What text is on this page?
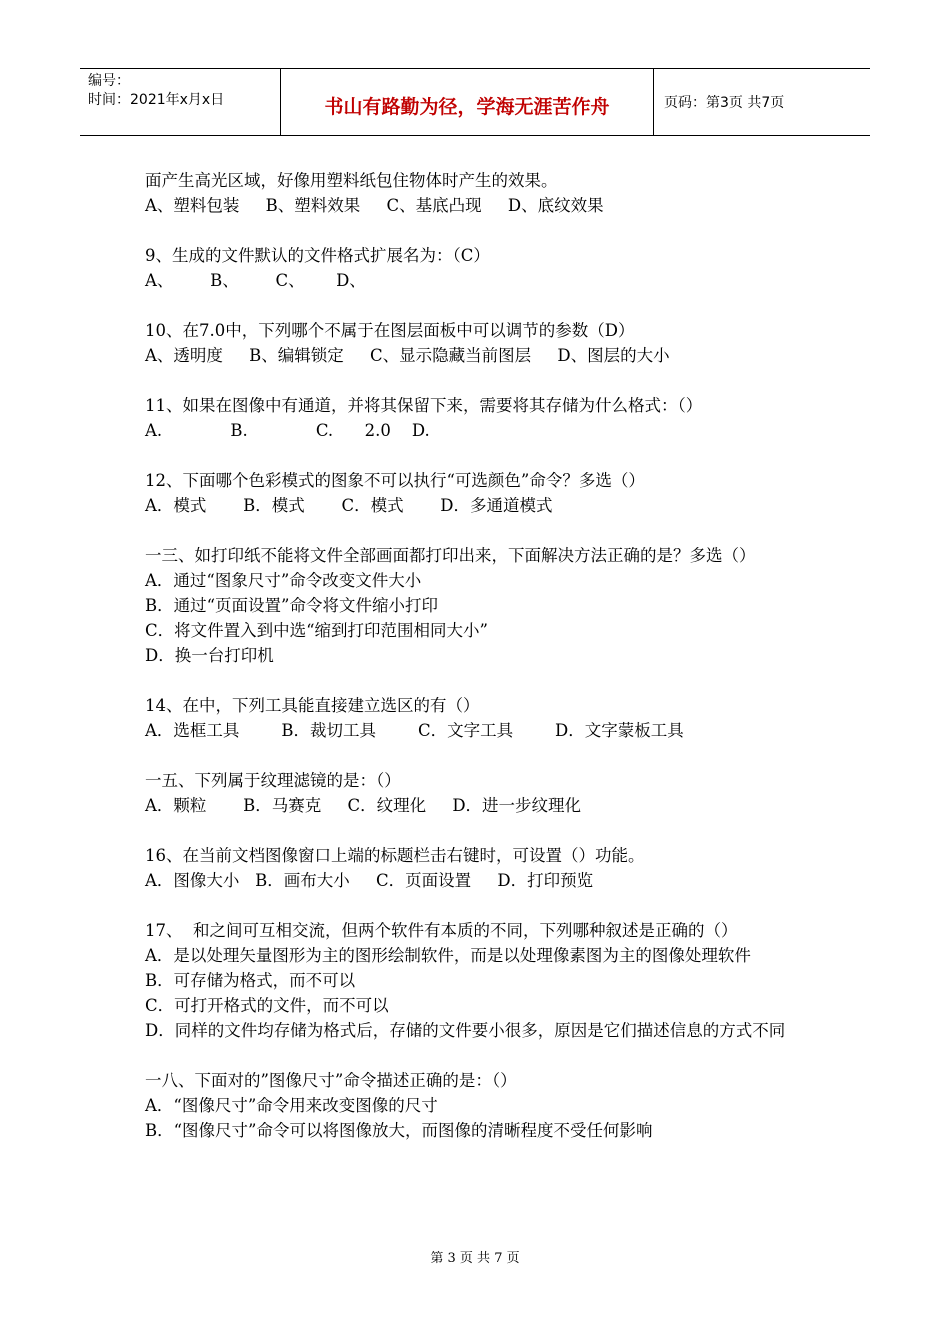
编号：
时间：2021年x月x日	书山有路勤为径，学海无涯苦作舟	页码：第3页 共7页

面产生高光区域，好像用塑料纸包住物体时产生的效果。

A、塑料包装     B、塑料效果     C、基底凸现     D、底纹效果

9、生成的文件默认的文件格式扩展名为：（C）

A、       B、       C、      D、

10、在7.0中，下列哪个不属于在图层面板中可以调节的参数（D）

A、透明度     B、编辑锁定     C、显示隐藏当前图层     D、图层的大小

11、如果在图像中有通道，并将其保留下来，需要将其存储为什么格式：（）

A.             B.             C.      2.0    D.

12、下面哪个色彩模式的图象不可以执行“可选颜色”命令？多选（）

A．模式       B．模式       C．模式       D．多通道模式

一三、如打印纸不能将文件全部画面都打印出来，下面解决方法正确的是？多选（）

A．通过“图象尺寸”命令改变文件大小

B．通过“页面设置”命令将文件缩小打印

C．将文件置入到中选“缩到打印范围相同大小”

D．换一台打印机

14、在中，下列工具能直接建立选区的有（）

A．选框工具        B．裁切工具        C．文字工具        D．文字蒙板工具

一五、下列属于纹理滤镜的是：（）

A．颗粒       B．马赛克     C．纹理化     D．进一步纹理化

16、在当前文档图像窗口上端的标题栏击右键时，可设置（）功能。

A．图像大小   B．画布大小     C．页面设置     D．打印预览

17、  和之间可互相交流，但两个软件有本质的不同，下列哪种叙述是正确的（）

A．是以处理矢量图形为主的图形绘制软件，而是以处理像素图为主的图像处理软件

B．可存储为格式，而不可以

C．可打开格式的文件，而不可以

D．同样的文件均存储为格式后，存储的文件要小很多，原因是它们描述信息的方式不同

一八、下面对的”图像尺寸”命令描述正确的是：（）

A．“图像尺寸”命令用来改变图像的尺寸

B．“图像尺寸”命令可以将图像放大，而图像的清晰程度不受任何影响

第 3 页 共 7 页
